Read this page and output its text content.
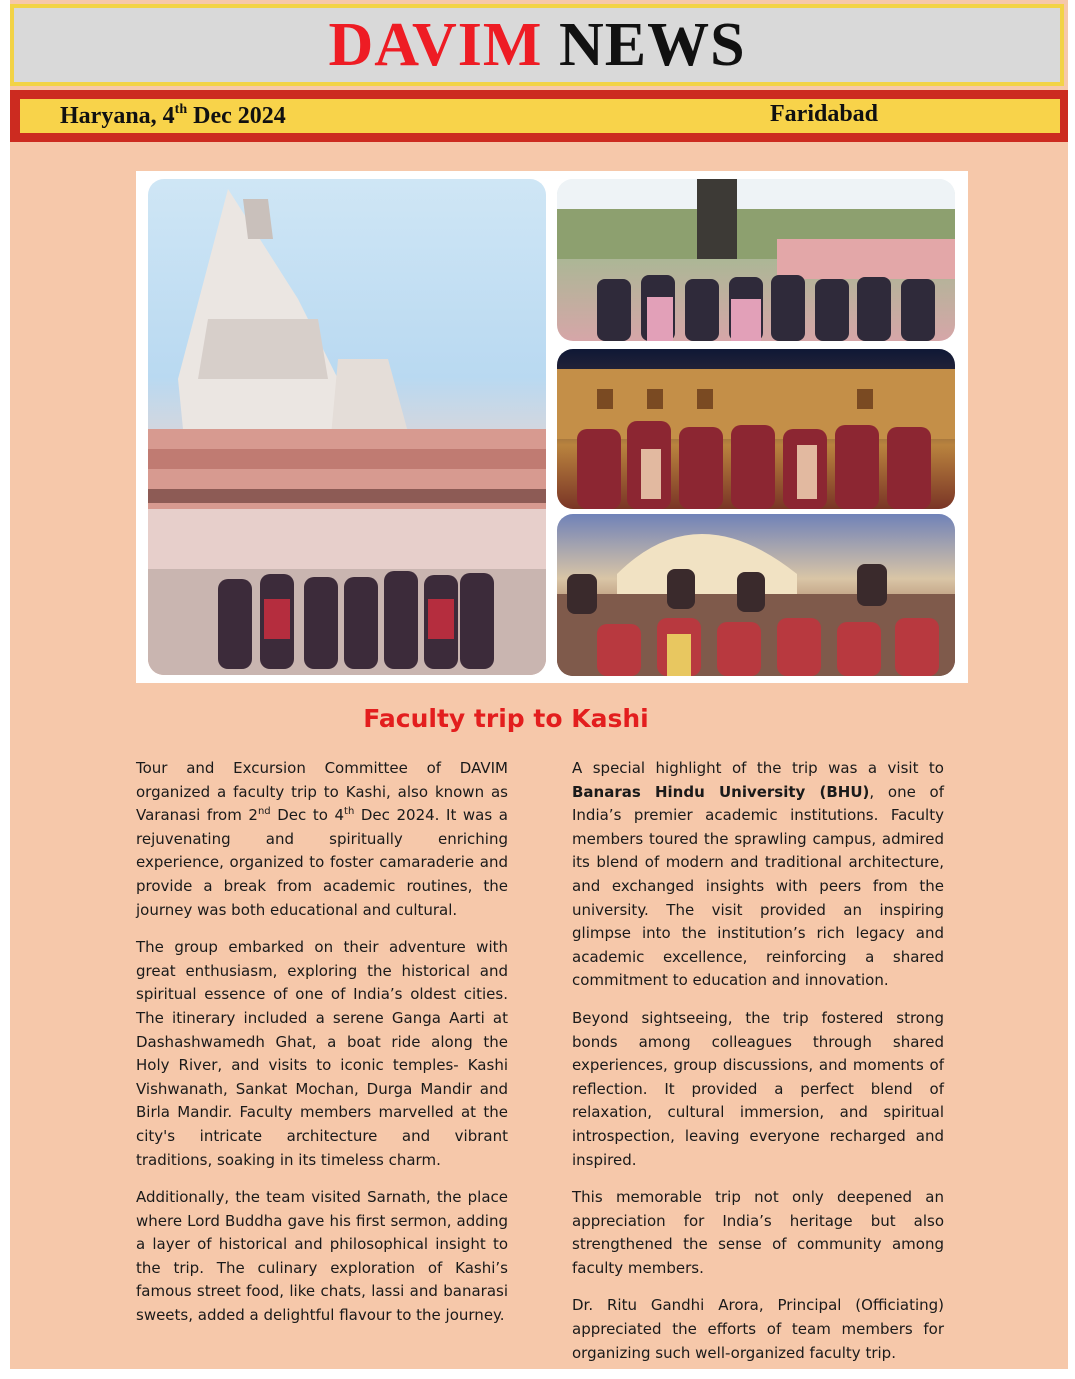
DAVIM NEWS
Haryana, 4th Dec 2024	Faridabad
Faculty trip to Kashi

Tour and Excursion Committee of DAVIM organized a faculty trip to Kashi, also known as Varanasi from 2nd Dec to 4th Dec 2024. It was a rejuvenating and spiritually enriching experience, organized to foster camaraderie and provide a break from academic routines, the journey was both educational and cultural.

The group embarked on their adventure with great enthusiasm, exploring the historical and spiritual essence of one of India’s oldest cities. The itinerary included a serene Ganga Aarti at Dashashwamedh Ghat, a boat ride along the Holy River, and visits to iconic temples- Kashi Vishwanath, Sankat Mochan, Durga Mandir and Birla Mandir. Faculty members marvelled at the city's intricate architecture and vibrant traditions, soaking in its timeless charm.

Additionally, the team visited Sarnath, the place where Lord Buddha gave his first sermon, adding a layer of historical and philosophical insight to the trip. The culinary exploration of Kashi’s famous street food, like chats, lassi and banarasi sweets, added a delightful flavour to the journey.

A special highlight of the trip was a visit to Banaras Hindu University (BHU), one of India’s premier academic institutions. Faculty members toured the sprawling campus, admired its blend of modern and traditional architecture, and exchanged insights with peers from the university. The visit provided an inspiring glimpse into the institution’s rich legacy and academic excellence, reinforcing a shared commitment to education and innovation.

Beyond sightseeing, the trip fostered strong bonds among colleagues through shared experiences, group discussions, and moments of reflection. It provided a perfect blend of relaxation, cultural immersion, and spiritual introspection, leaving everyone recharged and inspired.

This memorable trip not only deepened an appreciation for India’s heritage but also strengthened the sense of community among faculty members.

Dr. Ritu Gandhi Arora, Principal (Officiating) appreciated the efforts of team members for organizing such well-organized faculty trip.
